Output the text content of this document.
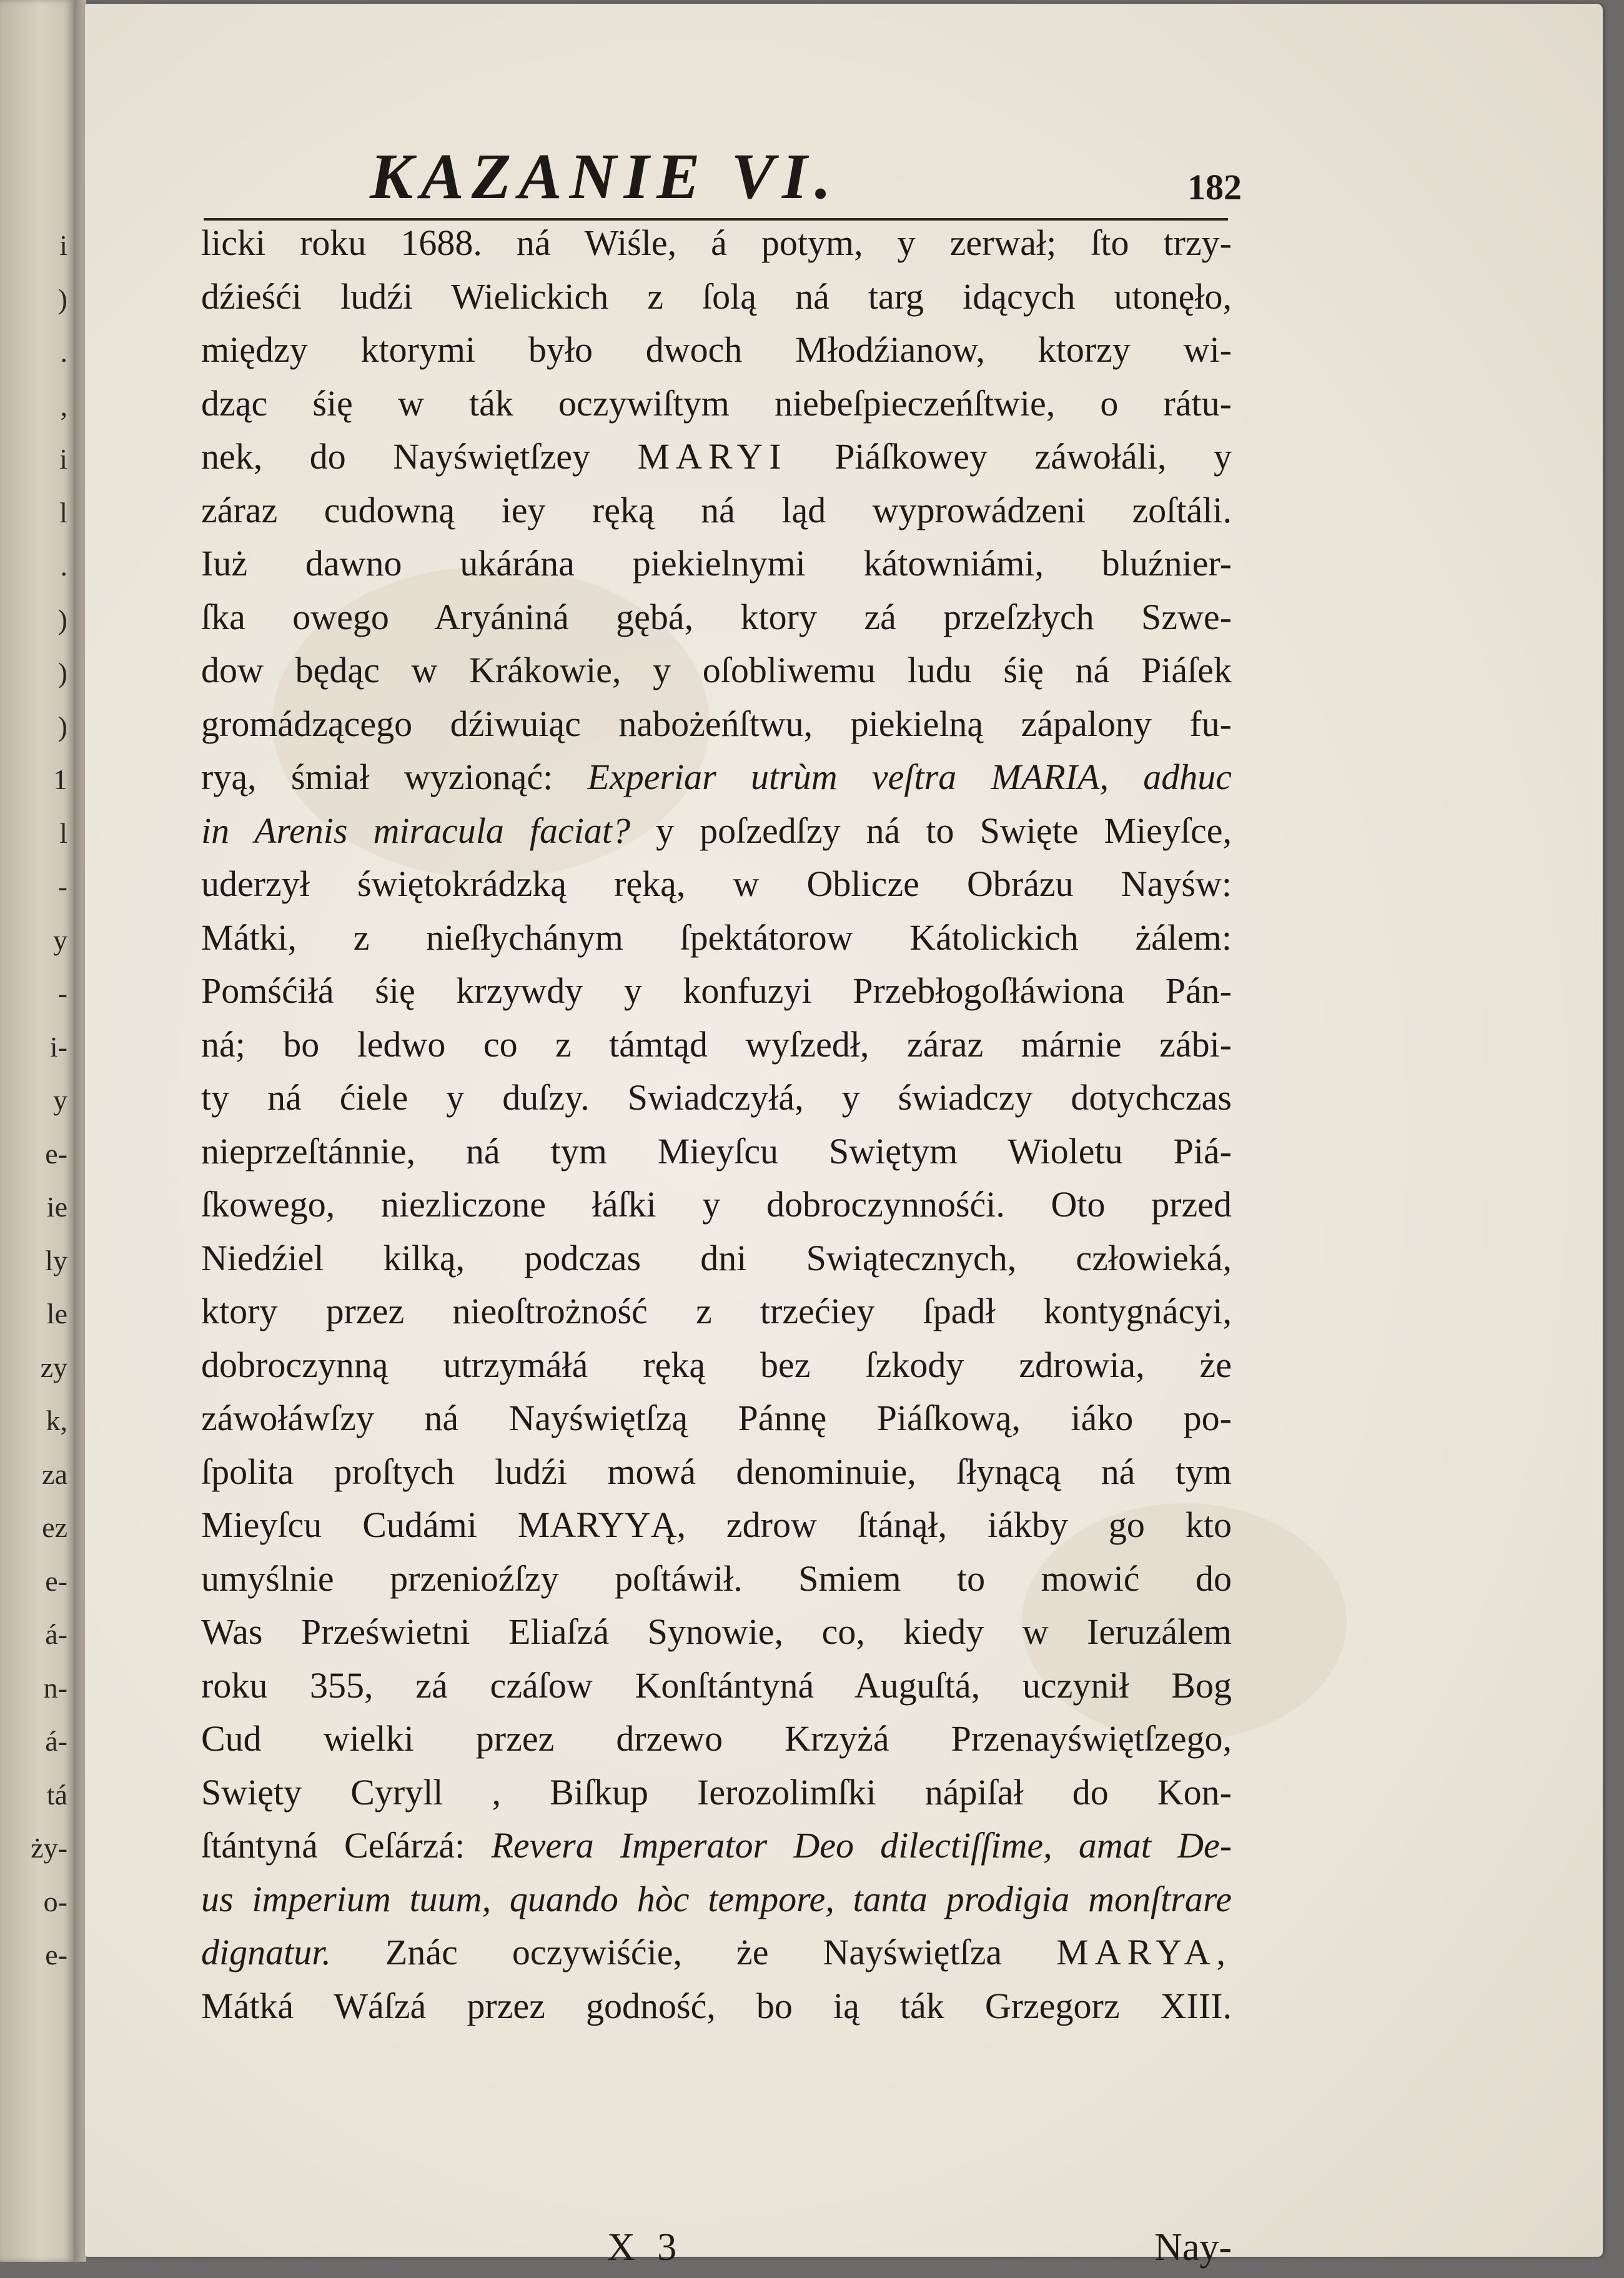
i
)
.
,
i
l
.
)
)
)
1
l
-
y
-
i-
y
e-
ie
ly
le
zy
k,
za
ez
e-
á-
n-
á-
tá
ży-
o-
e-
KAZANIE VI.	182
licki roku 1688. ná Wiśle, á potym, y zerwał; ſto trzy-
dźieśći ludźi Wielickich z ſolą ná targ idących utonęło,
między ktorymi było dwoch Młodźianow, ktorzy wi-
dząc śię w ták oczywiſtym niebeſpieczeńſtwie, o rátu-
nek, do Nayświętſzey MARYI Piáſkowey záwołáli, y
záraz cudowną iey ręką ná ląd wyprowádzeni zoſtáli.
Iuż dawno ukárána piekielnymi kátowniámi, bluźnier-
ſka owego Aryániná gębá, ktory zá przeſzłych Szwe-
dow będąc w Krákowie, y oſobliwemu ludu śię ná Piáſek
gromádzącego dźiwuiąc nabożeńſtwu, piekielną zápalony fu-
ryą, śmiał wyzionąć: Experiar utrùm veſtra MARIA, adhuc
in Arenis miracula faciat? y poſzedſzy ná to Swięte Mieyſce,
uderzył świętokrádzką ręką, w Oblicze Obrázu Nayśw:
Mátki, z nieſłychánym ſpektátorow Kátolickich żálem:
Pomśćiłá śię krzywdy y konfuzyi Przebłogoſłáwiona Pán-
ná; bo ledwo co z támtąd wyſzedł, záraz márnie zábi-
ty ná ćiele y duſzy. Swiadczyłá, y świadczy dotychczas
nieprzeſtánnie, ná tym Mieyſcu Swiętym Wioletu Piá-
ſkowego, niezliczone łáſki y dobroczynnośći. Oto przed
Niedźiel kilką, podczas dni Swiątecznych, człowieká,
ktory przez nieoſtrożność z trzećiey ſpadł kontygnácyi,
dobroczynną utrzymáłá ręką bez ſzkody zdrowia, że
záwołáwſzy ná Nayświętſzą Pánnę Piáſkową, iáko po-
ſpolita proſtych ludźi mowá denominuie, ſłynącą ná tym
Mieyſcu Cudámi MARYYĄ, zdrow ſtánął, iákby go kto
umyślnie przenioźſzy poſtáwił. Smiem to mowić do
Was Prześwietni Eliaſzá Synowie, co, kiedy w Ieruzálem
roku 355, zá czáſow Konſtántyná Auguſtá, uczynił Bog
Cud wielki przez drzewo Krzyżá Przenayświętſzego,
Swięty Cyryll , Biſkup Ierozolimſki nápiſał do Kon-
ſtántyná Ceſárzá: Revera Imperator Deo dilectiſſime, amat De-
us imperium tuum, quando hòc tempore, tanta prodigia monſtrare
dignatur. Znác oczywiśćie, że Nayświętſza MARYA,
Mátká Wáſzá przez godność, bo ią ták Grzegorz XIII.
X 3	Nay-
